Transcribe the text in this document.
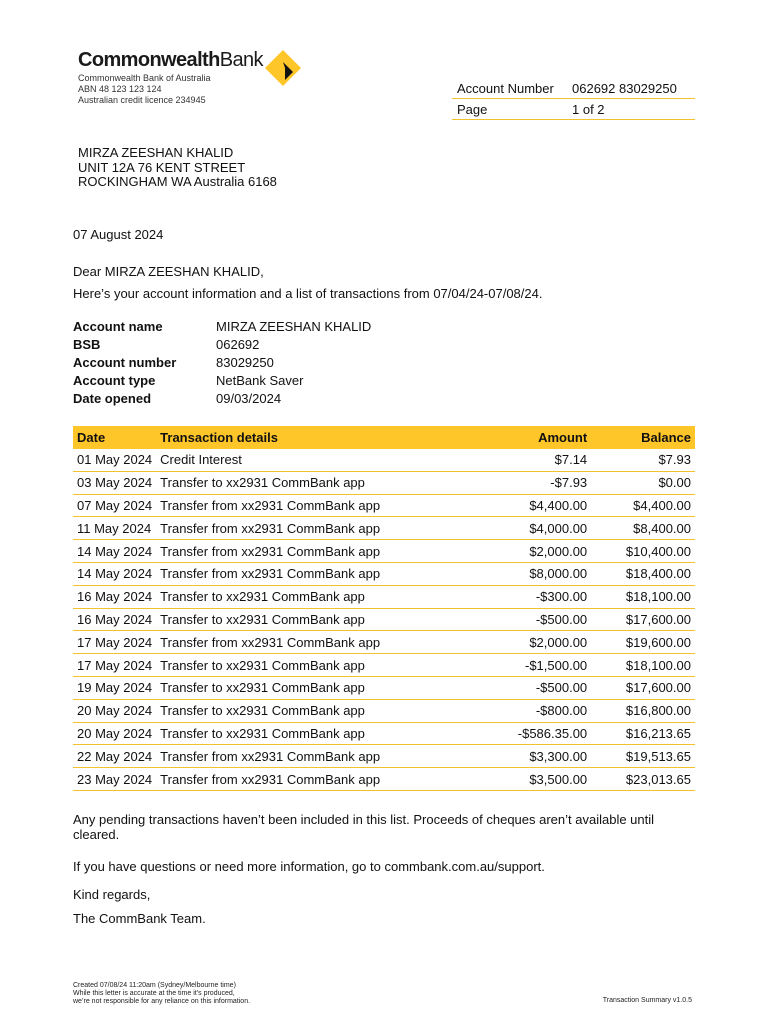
CommonwealthBank
Commonwealth Bank of Australia
ABN 48 123 123 124
Australian credit licence 234945
Account Number	062692 83029250
Page	1 of 2
MIRZA ZEESHAN KHALID
UNIT 12A 76 KENT STREET
ROCKINGHAM WA Australia 6168
07 August 2024
Dear MIRZA ZEESHAN KHALID,
Here’s your account information and a list of transactions from 07/04/24-07/08/24.
Account name	MIRZA ZEESHAN KHALID
BSB	062692
Account number	83029250
Account type	NetBank Saver
Date opened	09/03/2024
Date	Transaction details	Amount	Balance
01 May 2024	Credit Interest	$7.14	$7.93
03 May 2024	Transfer to xx2931 CommBank app	-$7.93	$0.00
07 May 2024	Transfer from xx2931 CommBank app	$4,400.00	$4,400.00
11 May 2024	Transfer from xx2931 CommBank app	$4,000.00	$8,400.00
14 May 2024	Transfer from xx2931 CommBank app	$2,000.00	$10,400.00
14 May 2024	Transfer from xx2931 CommBank app	$8,000.00	$18,400.00
16 May 2024	Transfer to xx2931 CommBank app	-$300.00	$18,100.00
16 May 2024	Transfer to xx2931 CommBank app	-$500.00	$17,600.00
17 May 2024	Transfer from xx2931 CommBank app	$2,000.00	$19,600.00
17 May 2024	Transfer to xx2931 CommBank app	-$1,500.00	$18,100.00
19 May 2024	Transfer to xx2931 CommBank app	-$500.00	$17,600.00
20 May 2024	Transfer to xx2931 CommBank app	-$800.00	$16,800.00
20 May 2024	Transfer to xx2931 CommBank app	-$586.35.00	$16,213.65
22 May 2024	Transfer from xx2931 CommBank app	$3,300.00	$19,513.65
23 May 2024	Transfer from xx2931 CommBank app	$3,500.00	$23,013.65
Any pending transactions haven’t been included in this list. Proceeds of cheques aren’t available until cleared.
If you have questions or need more information, go to commbank.com.au/support.
Kind regards,
The CommBank Team.
Created 07/08/24 11:20am (Sydney/Melbourne time)
While this letter is accurate at the time it’s produced,
we’re not responsible for any reliance on this information.	Transaction Summary v1.0.5
